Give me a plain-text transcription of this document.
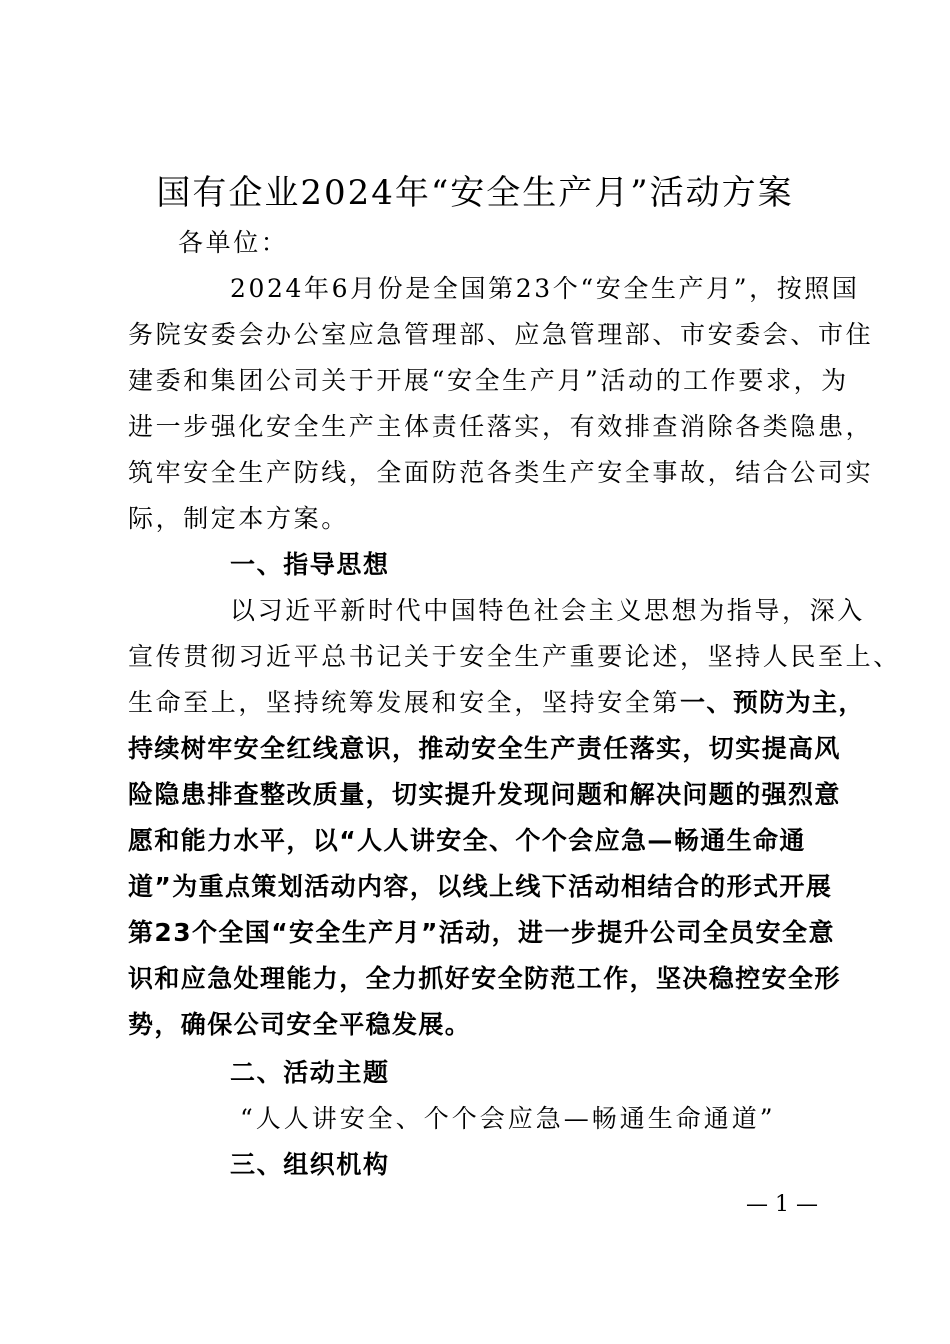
国有企业2024年“安全生产月”活动方案
各单位：
2024年6月份是全国第23个“安全生产月”，按照国
务院安委会办公室应急管理部、应急管理部、市安委会、市住
建委和集团公司关于开展“安全生产月”活动的工作要求，为
进一步强化安全生产主体责任落实，有效排查消除各类隐患，
筑牢安全生产防线，全面防范各类生产安全事故，结合公司实
际，制定本方案。
一、指导思想
以习近平新时代中国特色社会主义思想为指导，深入
宣传贯彻习近平总书记关于安全生产重要论述，坚持人民至上、
生命至上，坚持统筹发展和安全，坚持安全第一、预防为主，
持续树牢安全红线意识，推动安全生产责任落实，切实提高风
险隐患排查整改质量，切实提升发现问题和解决问题的强烈意
愿和能力水平，以“人人讲安全、个个会应急—畅通生命通
道”为重点策划活动内容，以线上线下活动相结合的形式开展
第23个全国“安全生产月”活动，进一步提升公司全员安全意
识和应急处理能力，全力抓好安全防范工作，坚决稳控安全形
势，确保公司安全平稳发展。
二、活动主题
“人人讲安全、个个会应急—畅通生命通道”
三、组织机构
— 1 —
